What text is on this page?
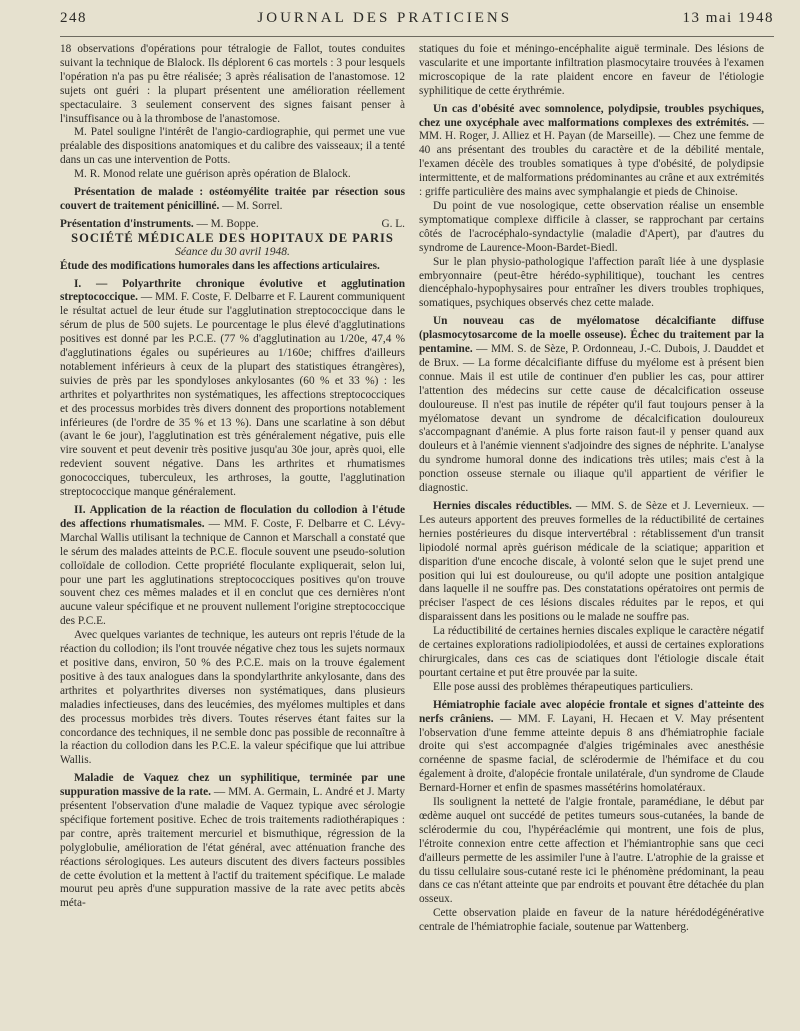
248	JOURNAL DES PRATICIENS	13 mai 1948

18 observations d'opérations pour tétralogie de Fallot, toutes conduites suivant la technique de Blalock. Ils déplorent 6 cas mortels : 3 pour lesquels l'opération n'a pas pu être réalisée; 3 après réalisation de l'anastomose. 12 sujets ont guéri : la plupart présentent une amélioration réellement spectaculaire. 3 seulement conservent des signes faisant penser à l'insuffisance ou à la thrombose de l'anastomose.

M. Patel souligne l'intérêt de l'angio-cardiographie, qui permet une vue préalable des dispositions anatomiques et du calibre des vaisseaux; il a tenté dans un cas une intervention de Potts.

M. R. Monod relate une guérison après opération de Blalock.

Présentation de malade : ostéomyélite traitée par résection sous couvert de traitement pénicilliné. — M. Sorrel.

Présentation d'instruments. — M. Boppe.	G. L.

SOCIÉTÉ MÉDICALE DES HOPITAUX DE PARIS

Séance du 30 avril 1948.

Étude des modifications humorales dans les affections articulaires.

I. — Polyarthrite chronique évolutive et agglutination streptococcique. — MM. F. Coste, F. Delbarre et F. Laurent communiquent le résultat actuel de leur étude sur l'agglutination streptococcique dans le sérum de plus de 500 sujets. Le pourcentage le plus élevé d'agglutinations positives est donné par les P.C.E. (77 % d'agglutination au 1/20e, 47,4 % d'agglutinations égales ou supérieures au 1/160e; chiffres d'ailleurs notablement inférieurs à ceux de la plupart des statistiques étrangères), suivies de près par les spondyloses ankylosantes (60 % et 33 %) : les arthrites et polyarthrites non systématiques, les affections streptococciques et des processus morbides très divers donnent des proportions notablement inférieures (de l'ordre de 35 % et 13 %). Dans une scarlatine à son début (avant le 6e jour), l'agglutination est très généralement négative, puis elle vire souvent et peut devenir très positive jusqu'au 30e jour, après quoi, elle redevient souvent négative. Dans les arthrites et rhumatismes gonococciques, tuberculeux, les arthroses, la goutte, l'agglutination streptococcique manque généralement.

II. Application de la réaction de floculation du collodion à l'étude des affections rhumatismales. — MM. F. Coste, F. Delbarre et C. Lévy-Marchal Wallis utilisant la technique de Cannon et Marschall a constaté que le sérum des malades atteints de P.C.E. flocule souvent une pseudo-solution colloïdale de collodion. Cette propriété floculante expliquerait, selon lui, pour une part les agglutinations streptococciques positives qu'on trouve souvent chez ces mêmes malades et il en conclut que ces dernières n'ont aucune valeur spécifique et ne prouvent nullement l'origine streptococcique des P.C.E.

Avec quelques variantes de technique, les auteurs ont repris l'étude de la réaction du collodion; ils l'ont trouvée négative chez tous les sujets normaux et positive dans, environ, 50 % des P.C.E. mais on la trouve également positive à des taux analogues dans la spondylarthrite ankylosante, dans des arthrites et polyarthrites diverses non systématiques, dans plusieurs maladies infectieuses, dans des leucémies, des myélomes multiples et dans des processus morbides très divers. Toutes réserves étant faites sur la concordance des techniques, il ne semble donc pas possible de reconnaître à la réaction du collodion dans les P.C.E. la valeur spécifique que lui attribue Wallis.

Maladie de Vaquez chez un syphilitique, terminée par une suppuration massive de la rate. — MM. A. Germain, L. André et J. Marty présentent l'observation d'une maladie de Vaquez typique avec sérologie spécifique fortement positive. Echec de trois traitements radiothérapiques : par contre, après traitement mercuriel et bismuthique, régression de la polyglobulie, amélioration de l'état général, avec atténuation franche des réactions sérologiques. Les auteurs discutent des divers facteurs possibles de cette évolution et la mettent à l'actif du traitement spécifique. Le malade mourut peu après d'une suppuration massive de la rate avec petits abcès méta-

statiques du foie et méningo-encéphalite aiguë terminale. Des lésions de vascularite et une importante infiltration plasmocytaire trouvées à l'examen microscopique de la rate plaident encore en faveur de l'étiologie syphilitique de cette érythrémie.

Un cas d'obésité avec somnolence, polydipsie, troubles psychiques, chez une oxycéphale avec malformations complexes des extrémités. — MM. H. Roger, J. Alliez et H. Payan (de Marseille). — Chez une femme de 40 ans présentant des troubles du caractère et de la débilité mentale, l'examen décèle des troubles somatiques à type d'obésité, de polydipsie intermittente, et de malformations prédominantes au crâne et aux extrémités : griffe particulière des mains avec symphalangie et pieds de Chinoise.

Du point de vue nosologique, cette observation réalise un ensemble symptomatique complexe difficile à classer, se rapprochant par certains côtés de l'acrocéphalo-syndactylie (maladie d'Apert), par d'autres du syndrome de Laurence-Moon-Bardet-Biedl.

Sur le plan physio-pathologique l'affection paraît liée à une dysplasie embryonnaire (peut-être hérédo-syphilitique), touchant les centres diencéphalo-hypophysaires pour entraîner les divers troubles trophiques, somatiques, psychiques observés chez cette malade.

Un nouveau cas de myélomatose décalcifiante diffuse (plasmocytosarcome de la moelle osseuse). Échec du traitement par la pentamine. — MM. S. de Sèze, P. Ordonneau, J.-C. Dubois, J. Dauddet et de Brux. — La forme décalcifiante diffuse du myélome est à présent bien connue. Mais il est utile de continuer d'en publier les cas, pour attirer l'attention des médecins sur cette cause de décalcification osseuse douloureuse. Il n'est pas inutile de répéter qu'il faut toujours penser à la myélomatose devant un syndrome de décalcification douloureux s'accompagnant d'anémie. A plus forte raison faut-il y penser quand aux douleurs et à l'anémie viennent s'adjoindre des signes de néphrite. L'analyse du syndrome humoral donne des indications très utiles; mais c'est à la ponction osseuse sternale ou iliaque qu'il appartient de vérifier le diagnostic.

Hernies discales réductibles. — MM. S. de Sèze et J. Levernieux. — Les auteurs apportent des preuves formelles de la réductibilité de certaines hernies postérieures du disque intervertébral : rétablissement d'un transit lipiodolé normal après guérison médicale de la sciatique; apparition et disparition d'une encoche discale, à volonté selon que le sujet prend une position qui lui est douloureuse, ou qu'il adopte une position antalgique dans laquelle il ne souffre pas. Des constatations opératoires ont permis de préciser l'aspect de ces lésions discales réduites par le repos, et qui disparaissent dans les positions ou le malade ne souffre pas.

La réductibilité de certaines hernies discales explique le caractère négatif de certaines explorations radiolipiodolées, et aussi de certaines explorations chirurgicales, dans ces cas de sciatiques dont l'étiologie discale était pourtant certaine et put être prouvée par la suite.

Elle pose aussi des problèmes thérapeutiques particuliers.

Hémiatrophie faciale avec alopécie frontale et signes d'atteinte des nerfs crâniens. — MM. F. Layani, H. Hecaen et V. May présentent l'observation d'une femme atteinte depuis 8 ans d'hémiatrophie faciale droite qui s'est accompagnée d'algies trigéminales avec anesthésie cornéenne de spasme facial, de sclérodermie de l'hémiface et du cou également à droite, d'alopécie frontale unilatérale, d'un syndrome de Claude Bernard-Horner et enfin de spasmes massétérins homolatéraux.

Ils soulignent la netteté de l'algie frontale, paramédiane, le début par œdème auquel ont succédé de petites tumeurs sous-cutanées, la bande de sclérodermie du cou, l'hypéréaclémie qui montrent, une fois de plus, l'étroite connexion entre cette affection et l'hémiantrophie sans que ceci d'ailleurs permette de les assimiler l'une à l'autre. L'atrophie de la graisse et du tissu cellulaire sous-cutané reste ici le phénomène prédominant, la peau dans ce cas n'étant atteinte que par endroits et pouvant être détachée du plan osseux.

Cette observation plaide en faveur de la nature hérédodégénérative centrale de l'hémiatrophie faciale, soutenue par Wattenberg.
